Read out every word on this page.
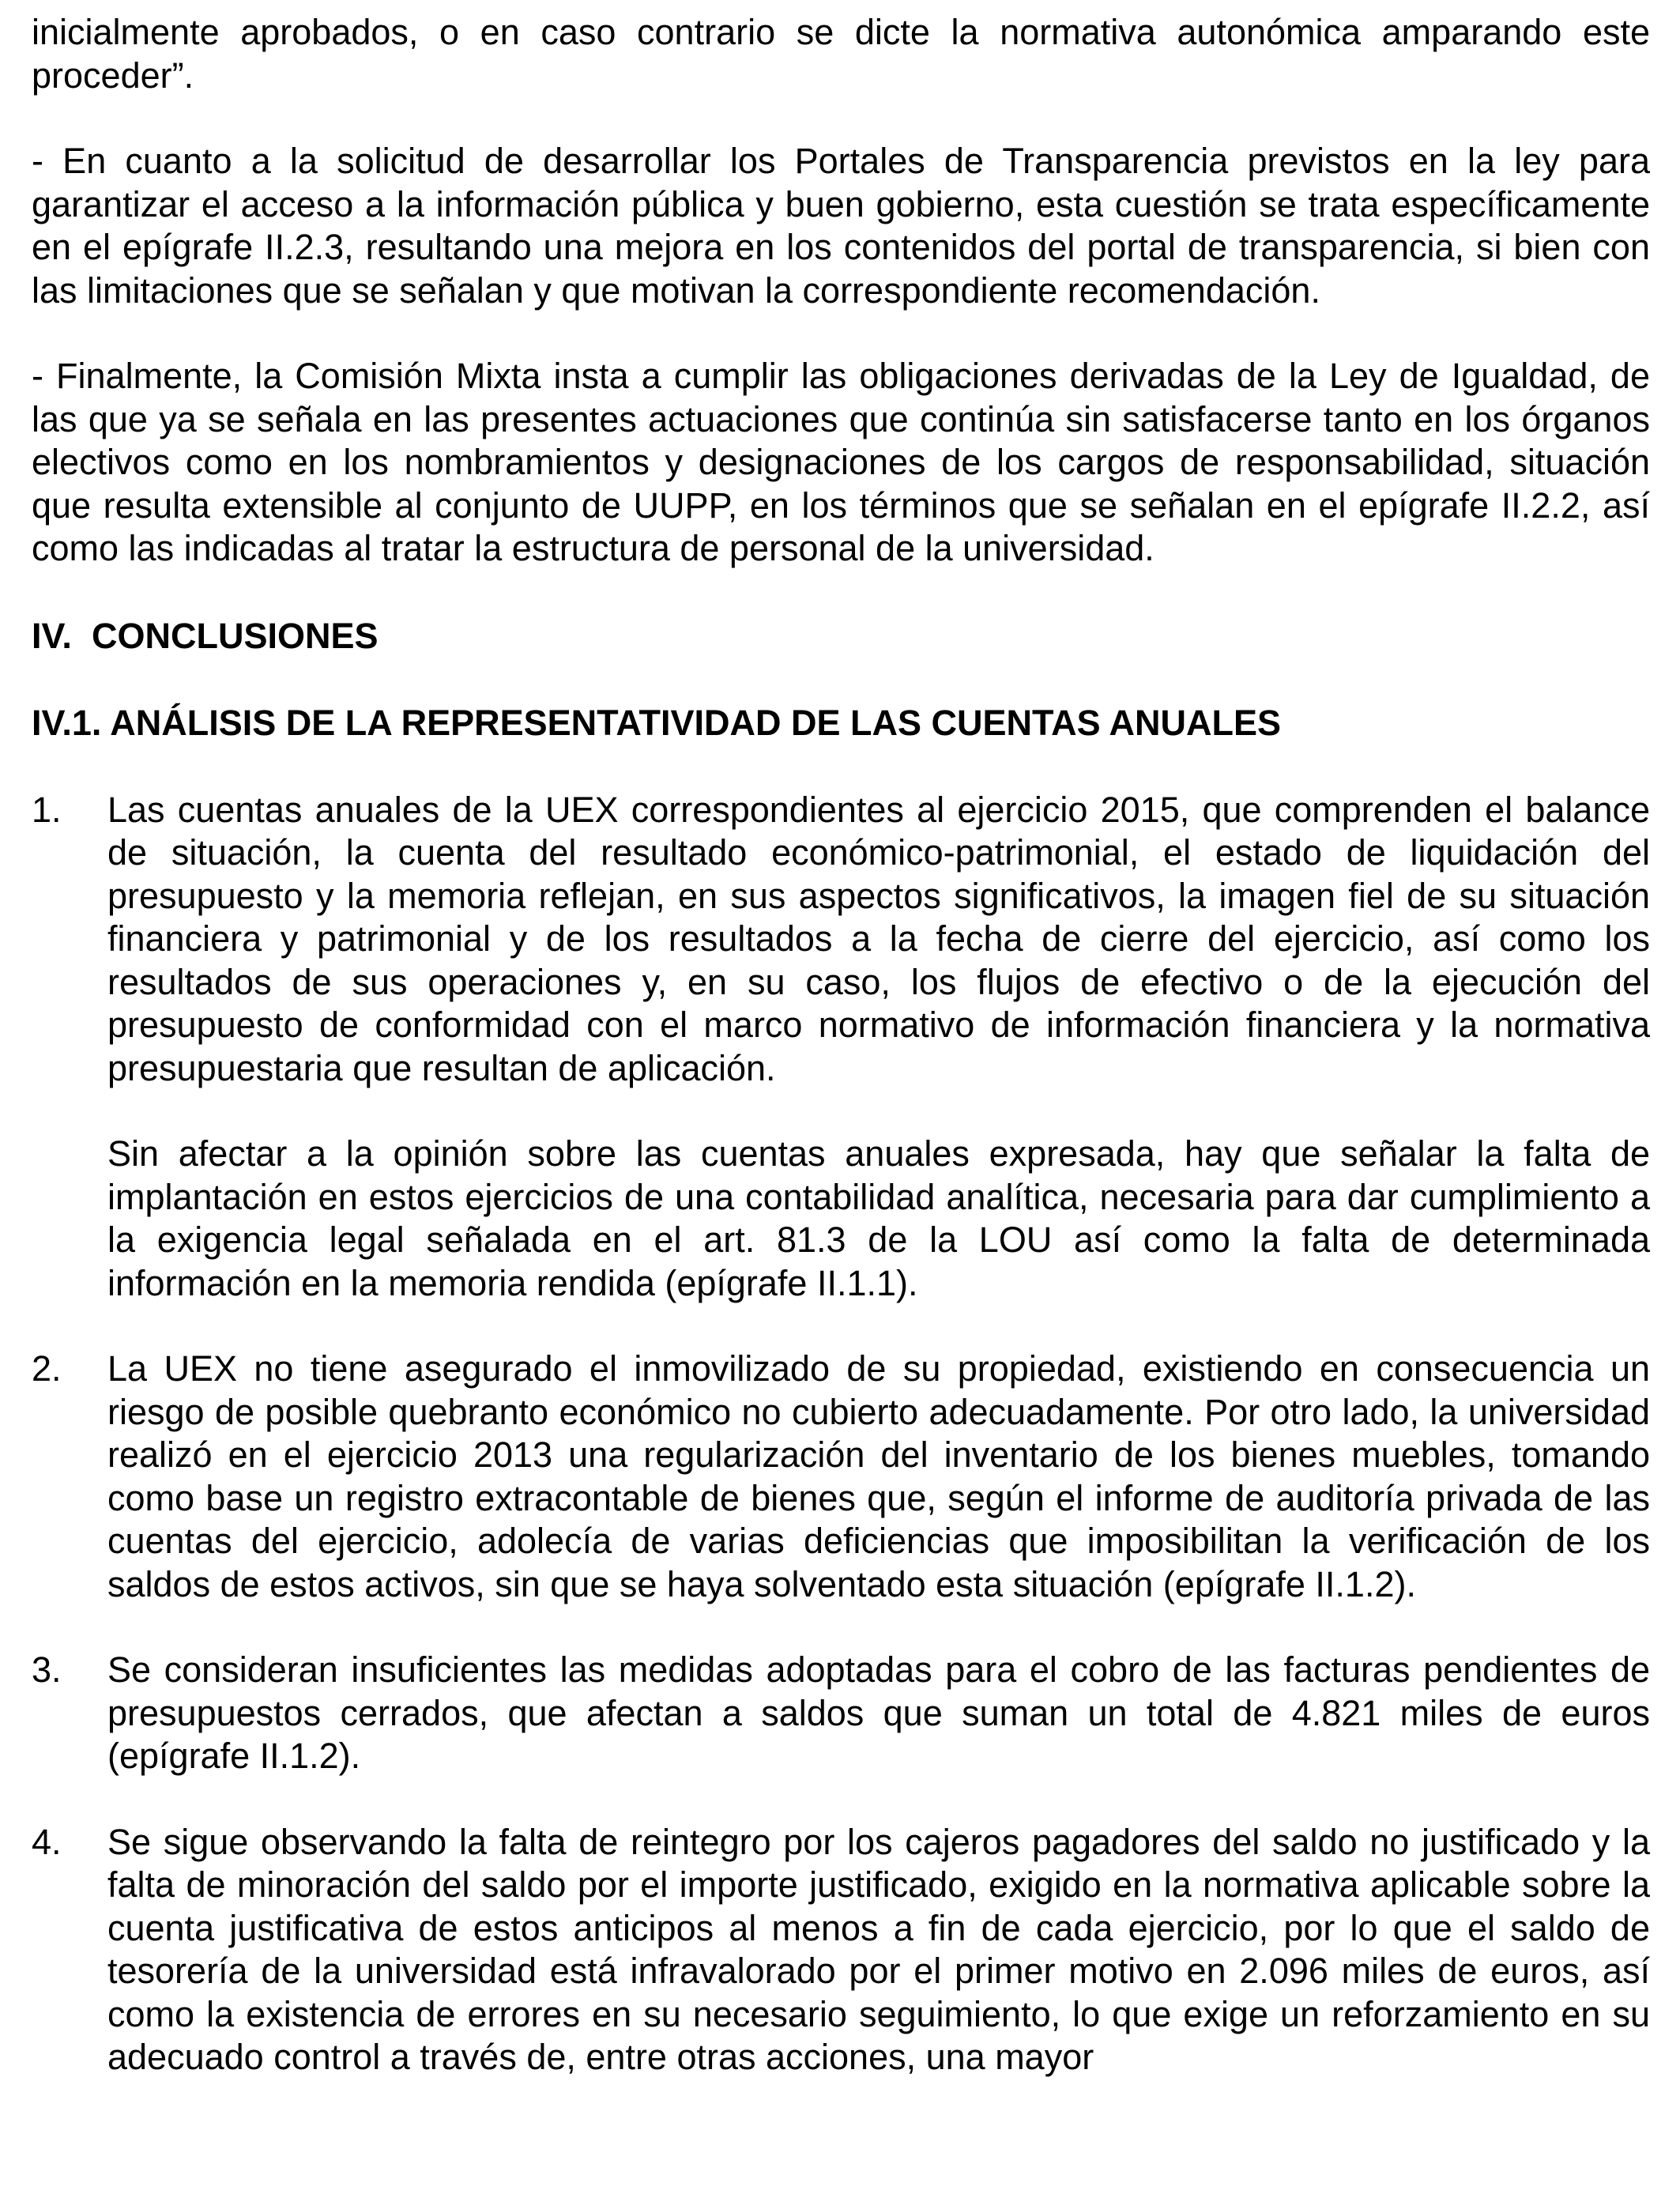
inicialmente aprobados, o en caso contrario se dicte la normativa autonómica amparando este proceder”.

- En cuanto a la solicitud de desarrollar los Portales de Transparencia previstos en la ley para garantizar el acceso a la información pública y buen gobierno, esta cuestión se trata específicamente en el epígrafe II.2.3, resultando una mejora en los contenidos del portal de transparencia, si bien con las limitaciones que se señalan y que motivan la correspondiente recomendación.

- Finalmente, la Comisión Mixta insta a cumplir las obligaciones derivadas de la Ley de Igualdad, de las que ya se señala en las presentes actuaciones que continúa sin satisfacerse tanto en los órganos electivos como en los nombramientos y designaciones de los cargos de responsabilidad, situación que resulta extensible al conjunto de UUPP, en los términos que se señalan en el epígrafe II.2.2, así como las indicadas al tratar la estructura de personal de la universidad.

IV. CONCLUSIONES

IV.1. ANÁLISIS DE LA REPRESENTATIVIDAD DE LAS CUENTAS ANUALES

1.	Las cuentas anuales de la UEX correspondientes al ejercicio 2015, que comprenden el balance de situación, la cuenta del resultado económico-patrimonial, el estado de liquidación del presupuesto y la memoria reflejan, en sus aspectos significativos, la imagen fiel de su situación financiera y patrimonial y de los resultados a la fecha de cierre del ejercicio, así como los resultados de sus operaciones y, en su caso, los flujos de efectivo o de la ejecución del presupuesto de conformidad con el marco normativo de información financiera y la normativa presupuestaria que resultan de aplicación.

Sin afectar a la opinión sobre las cuentas anuales expresada, hay que señalar la falta de implantación en estos ejercicios de una contabilidad analítica, necesaria para dar cumplimiento a la exigencia legal señalada en el art. 81.3 de la LOU así como la falta de determinada información en la memoria rendida (epígrafe II.1.1).

2.	La UEX no tiene asegurado el inmovilizado de su propiedad, existiendo en consecuencia un riesgo de posible quebranto económico no cubierto adecuadamente. Por otro lado, la universidad realizó en el ejercicio 2013 una regularización del inventario de los bienes muebles, tomando como base un registro extracontable de bienes que, según el informe de auditoría privada de las cuentas del ejercicio, adolecía de varias deficiencias que imposibilitan la verificación de los saldos de estos activos, sin que se haya solventado esta situación (epígrafe II.1.2).

3.	Se consideran insuficientes las medidas adoptadas para el cobro de las facturas pendientes de presupuestos cerrados, que afectan a saldos que suman un total de 4.821 miles de euros (epígrafe II.1.2).

4.	Se sigue observando la falta de reintegro por los cajeros pagadores del saldo no justificado y la falta de minoración del saldo por el importe justificado, exigido en la normativa aplicable sobre la cuenta justificativa de estos anticipos al menos a fin de cada ejercicio, por lo que el saldo de tesorería de la universidad está infravalorado por el primer motivo en 2.096 miles de euros, así como la existencia de errores en su necesario seguimiento, lo que exige un reforzamiento en su adecuado control a través de, entre otras acciones, una mayor
